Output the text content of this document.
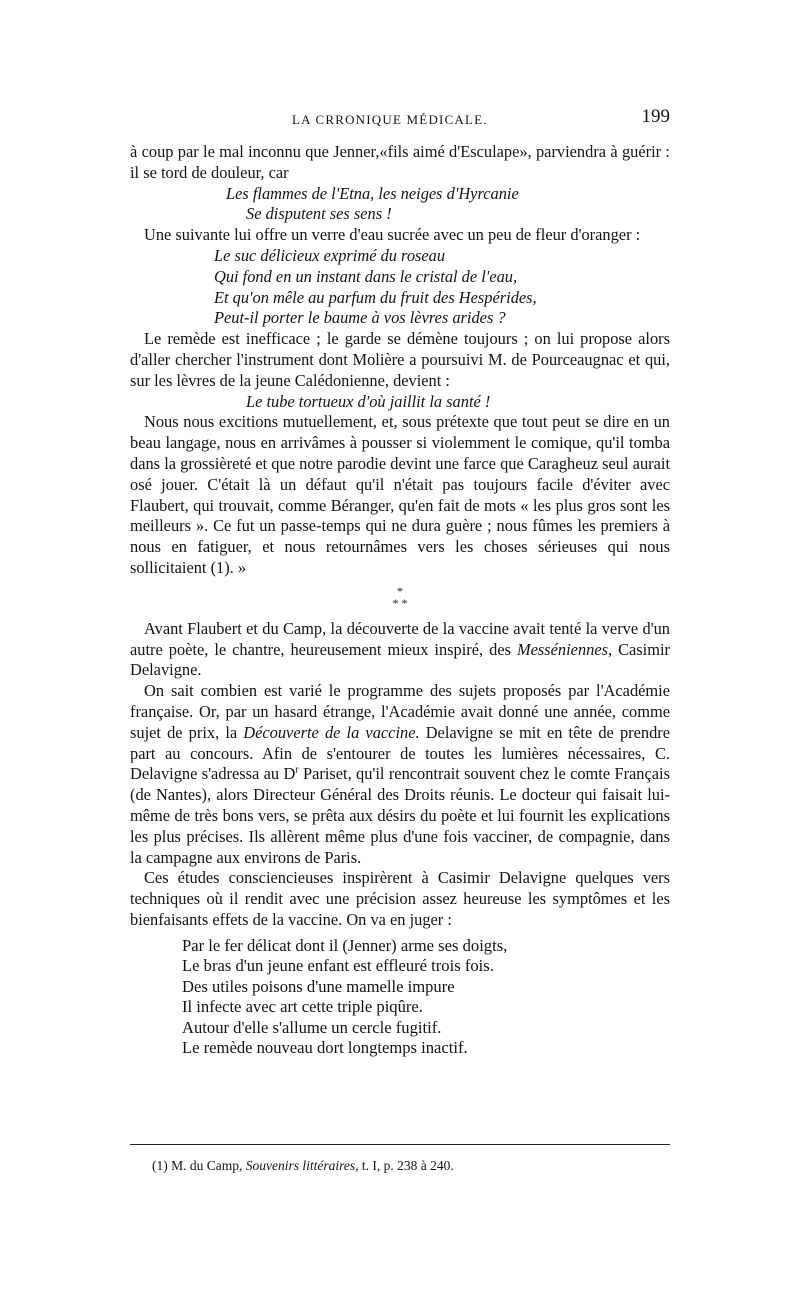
LA CRRONIQUE MÉDICALE.	199
à coup par le mal inconnu que Jenner,«fils aimé d'Esculape», parviendra à guérir : il se tord de douleur, car
Les flammes de l'Etna, les neiges d'Hyrcanie
Se disputent ses sens !
Une suivante lui offre un verre d'eau sucrée avec un peu de fleur d'oranger :
Le suc délicieux exprimé du roseau
Qui fond en un instant dans le cristal de l'eau,
Et qu'on mêle au parfum du fruit des Hespérides,
Peut-il porter le baume à vos lèvres arides ?
Le remède est inefficace ; le garde se démène toujours ; on lui propose alors d'aller chercher l'instrument dont Molière a poursuivi M. de Pourceaugnac et qui, sur les lèvres de la jeune Calédonienne, devient :
Le tube tortueux d'où jaillit la santé !
Nous nous excitions mutuellement, et, sous prétexte que tout peut se dire en un beau langage, nous en arrivâmes à pousser si violemment le comique, qu'il tomba dans la grossièreté et que notre parodie devint une farce que Caragheuz seul aurait osé jouer. C'était là un défaut qu'il n'était pas toujours facile d'éviter avec Flaubert, qui trouvait, comme Béranger, qu'en fait de mots « les plus gros sont les meilleurs ». Ce fut un passe-temps qui ne dura guère ; nous fûmes les premiers à nous en fatiguer, et nous retournâmes vers les choses sérieuses qui nous sollicitaient (1). »
*
* *
Avant Flaubert et du Camp, la découverte de la vaccine avait tenté la verve d'un autre poète, le chantre, heureusement mieux inspiré, des Messéniennes, Casimir Delavigne.
On sait combien est varié le programme des sujets proposés par l'Académie française. Or, par un hasard étrange, l'Académie avait donné une année, comme sujet de prix, la Découverte de la vaccine. Delavigne se mit en tête de prendre part au concours. Afin de s'entourer de toutes les lumières nécessaires, C. Delavigne s'adressa au $D^r$ Pariset, qu'il rencontrait souvent chez le comte Français (de Nantes), alors Directeur Général des Droits réunis. Le docteur qui faisait lui-même de très bons vers, se prêta aux désirs du poète et lui fournit les explications les plus précises. Ils allèrent même plus d'une fois vacciner, de compagnie, dans la campagne aux environs de Paris.
Ces études consciencieuses inspirèrent à Casimir Delavigne quelques vers techniques où il rendit avec une précision assez heureuse les symptômes et les bienfaisants effets de la vaccine. On va en juger :
Par le fer délicat dont il (Jenner) arme ses doigts,
Le bras d'un jeune enfant est effleuré trois fois.
Des utiles poisons d'une mamelle impure
Il infecte avec art cette triple piqûre.
Autour d'elle s'allume un cercle fugitif.
Le remède nouveau dort longtemps inactif.
(1) M. du Camp, Souvenirs littéraires, t. I, p. 238 à 240.
